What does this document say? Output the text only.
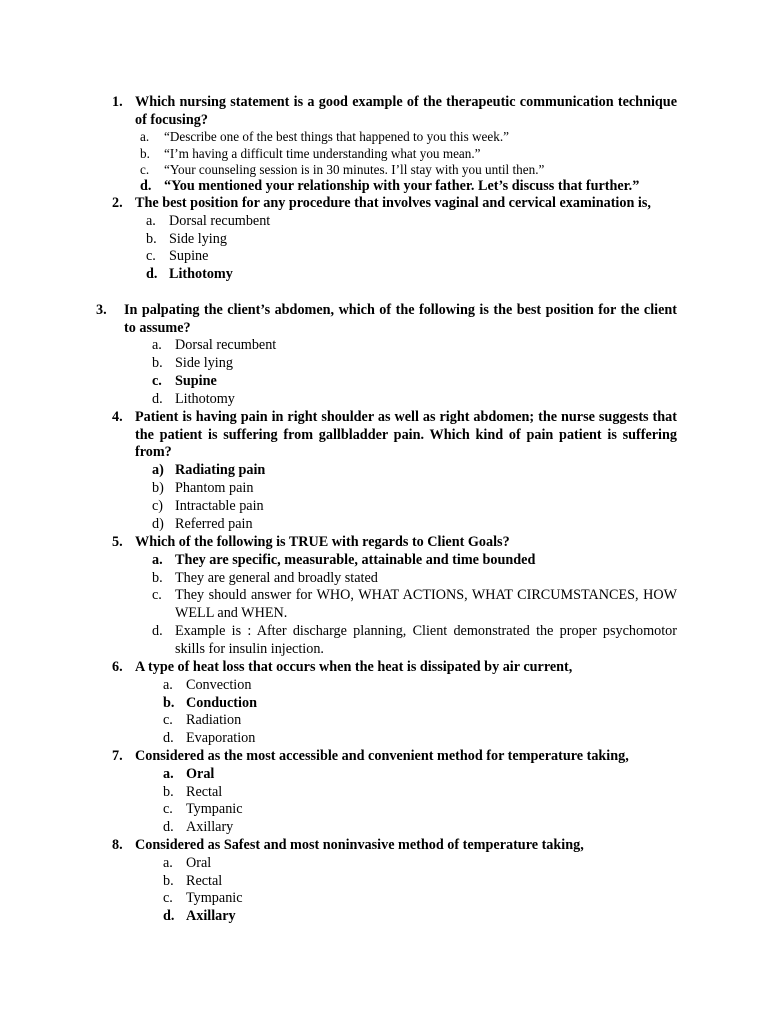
1. Which nursing statement is a good example of the therapeutic communication technique of focusing?
a. “Describe one of the best things that happened to you this week.”
b. “I’m having a difficult time understanding what you mean.”
c. “Your counseling session is in 30 minutes. I’ll stay with you until then.”
d. “You mentioned your relationship with your father. Let’s discuss that further.”
2. The best position for any procedure that involves vaginal and cervical examination is,
a. Dorsal recumbent
b. Side lying
c. Supine
d. Lithotomy
3. In palpating the client’s abdomen, which of the following is the best position for the client to assume?
a. Dorsal recumbent
b. Side lying
c. Supine
d. Lithotomy
4. Patient is having pain in right shoulder as well as right abdomen; the nurse suggests that the patient is suffering from gallbladder pain. Which kind of pain patient is suffering from?
a) Radiating pain
b) Phantom pain
c) Intractable pain
d) Referred pain
5. Which of the following is TRUE with regards to Client Goals?
a. They are specific, measurable, attainable and time bounded
b. They are general and broadly stated
c. They should answer for WHO, WHAT ACTIONS, WHAT CIRCUMSTANCES, HOW WELL and WHEN.
d. Example is : After discharge planning, Client demonstrated the proper psychomotor skills for insulin injection.
6. A type of heat loss that occurs when the heat is dissipated by air current,
a. Convection
b. Conduction
c. Radiation
d. Evaporation
7. Considered as the most accessible and convenient method for temperature taking,
a. Oral
b. Rectal
c. Tympanic
d. Axillary
8. Considered as Safest and most noninvasive method of temperature taking,
a. Oral
b. Rectal
c. Tympanic
d. Axillary
